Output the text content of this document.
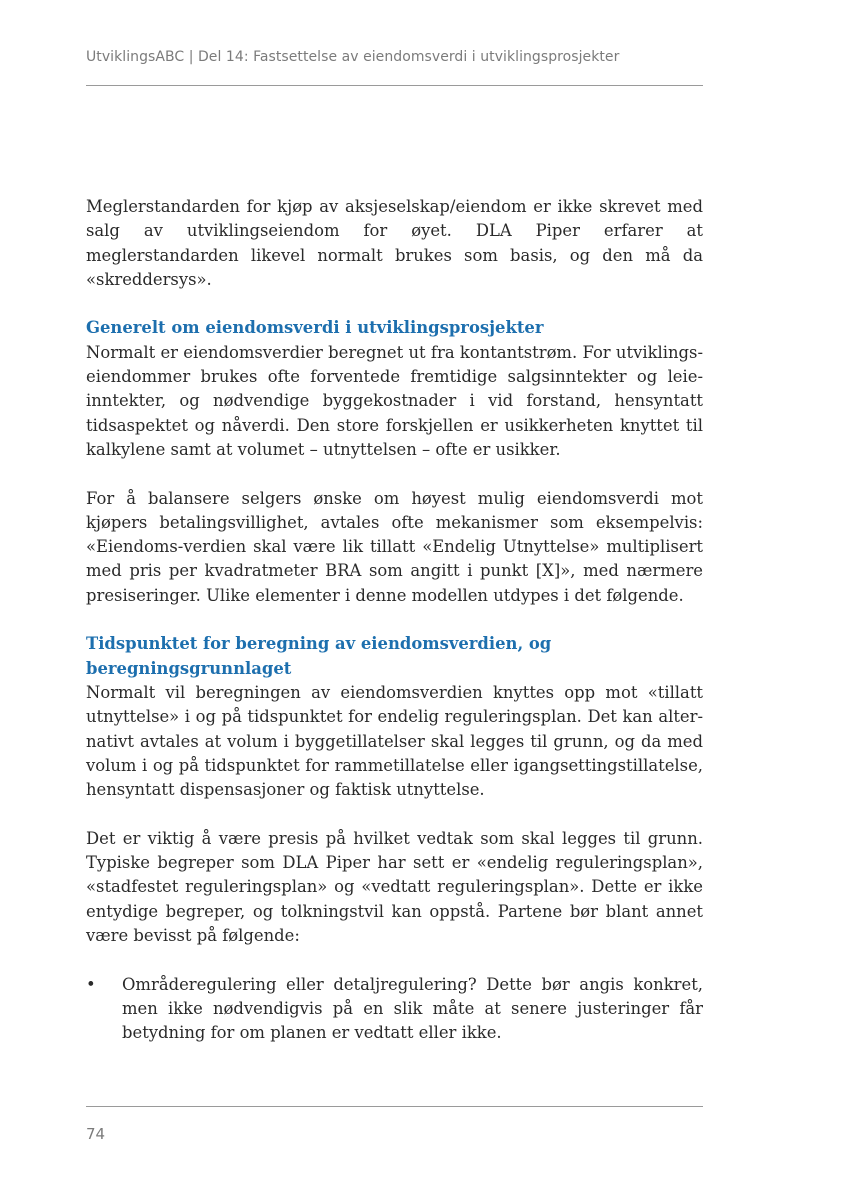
UtviklingsABC | Del 14: Fastsettelse av eiendomsverdi i utviklingsprosjekter

Meglerstandarden for kjøp av aksjeselskap/eiendom er ikke skrevet med salg av utviklingseiendom for øyet. DLA Piper erfarer at meglerstandarden likevel normalt brukes som basis, og den må da «skreddersys».

Generelt om eiendomsverdi i utviklingsprosjekter

Normalt er eiendomsverdier beregnet ut fra kontantstrøm. For utviklings-eiendommer brukes ofte forventede fremtidige salgsinntekter og leie-inntekter, og nødvendige byggekostnader i vid forstand, hensyntatt tidsaspektet og nåverdi. Den store forskjellen er usikkerheten knyttet til kalkylene samt at volumet – utnyttelsen – ofte er usikker.

For å balansere selgers ønske om høyest mulig eiendomsverdi mot kjøpers betalingsvillighet, avtales ofte mekanismer som eksempelvis: «Eiendoms-verdien skal være lik tillatt «Endelig Utnyttelse» multiplisert med pris per kvadratmeter BRA som angitt i punkt [X]», med nærmere presiseringer. Ulike elementer i denne modellen utdypes i det følgende.

Tidspunktet for beregning av eiendomsverdien, og
beregningsgrunnlaget

Normalt vil beregningen av eiendomsverdien knyttes opp mot «tillatt utnyttelse» i og på tidspunktet for endelig reguleringsplan. Det kan alter-nativt avtales at volum i byggetillatelser skal legges til grunn, og da med volum i og på tidspunktet for rammetillatelse eller igangsettingstillatelse, hensyntatt dispensasjoner og faktisk utnyttelse.

Det er viktig å være presis på hvilket vedtak som skal legges til grunn. Typiske begreper som DLA Piper har sett er «endelig reguleringsplan», «stadfestet reguleringsplan» og «vedtatt reguleringsplan». Dette er ikke entydige begreper, og tolkningstvil kan oppstå. Partene bør blant annet være bevisst på følgende:

• Områderegulering eller detaljregulering? Dette bør angis konkret, men ikke nødvendigvis på en slik måte at senere justeringer får betydning for om planen er vedtatt eller ikke.
74
